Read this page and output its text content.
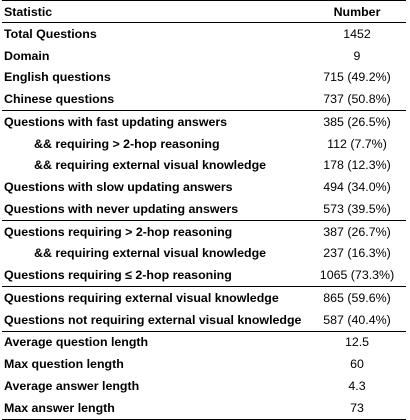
Statistic	Number
Total Questions	1452
Domain	9
English questions	715 (49.2%)
Chinese questions	737 (50.8%)
Questions with fast updating answers	385 (26.5%)
&& requiring > 2-hop reasoning	112 (7.7%)
&& requiring external visual knowledge	178 (12.3%)
Questions with slow updating answers	494 (34.0%)
Questions with never updating answers	573 (39.5%)
Questions requiring > 2-hop reasoning	387 (26.7%)
&& requiring external visual knowledge	237 (16.3%)
Questions requiring ≤ 2-hop reasoning	1065 (73.3%)
Questions requiring external visual knowledge	865 (59.6%)
Questions not requiring external visual knowledge	587 (40.4%)
Average question length	12.5
Max question length	60
Average answer length	4.3
Max answer length	73
